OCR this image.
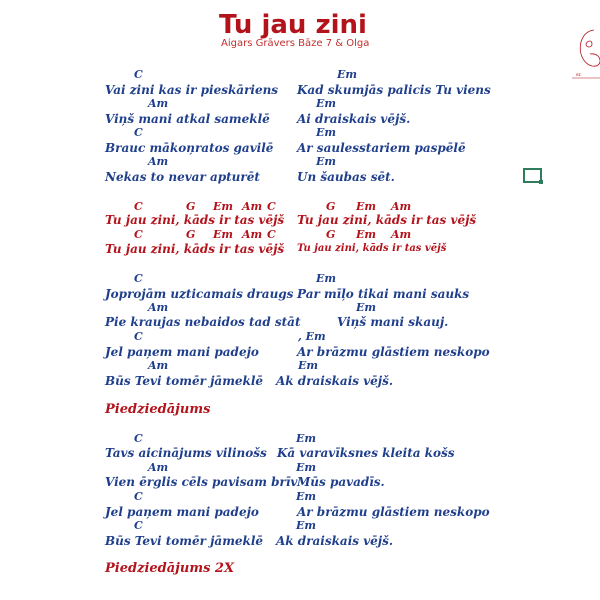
Tu jau zini
Aigars Grāvers Bāze 7 & Olga
ez
C	Em
Vai zini kas ir pieskāriens Kad skumjās palicis Tu viens
Am	Em
Viņš mani atkal sameklē Ai draiskais vējš.
C	Em
Brauc mākoņratos gavilē Ar saulesstariem paspēlē
Am	Em
Nekas to nevar apturēt	Un šaubas sēt.
C	G Em Am C	G Em Am
Tu jau zini, kāds ir tas vējš	Tu jau zini, kāds ir tas vējš
C	G Em Am C	G Em Am
Tu jau zini, kāds ir tas vējš	Tu jau zini, kāds ir tas vējš
C	Em
Joprojām uzticamais draugs Par mīļo tikai mani sauks
Am	Em
Pie kraujas nebaidos tad stāt	Viņš mani skauj.
C	, Em
Jel paņem mani padejo	Ar brāzmu glāstiem neskopo
Am	Em
Būs Tevi tomēr jāmeklē Ak draiskais vējš.
Piedziedājums
C	Em
Tavs aicinājums vilinošs Kā varavīksnes kleita košs
Am	Em
Vien ērglis cēls pavisam brīv Mūs pavadīs.
C	Em
Jel paņem mani padejo	Ar brāzmu glāstiem neskopo
C	Em
Būs Tevi tomēr jāmeklē Ak draiskais vējš.
Piedziedājums 2X
